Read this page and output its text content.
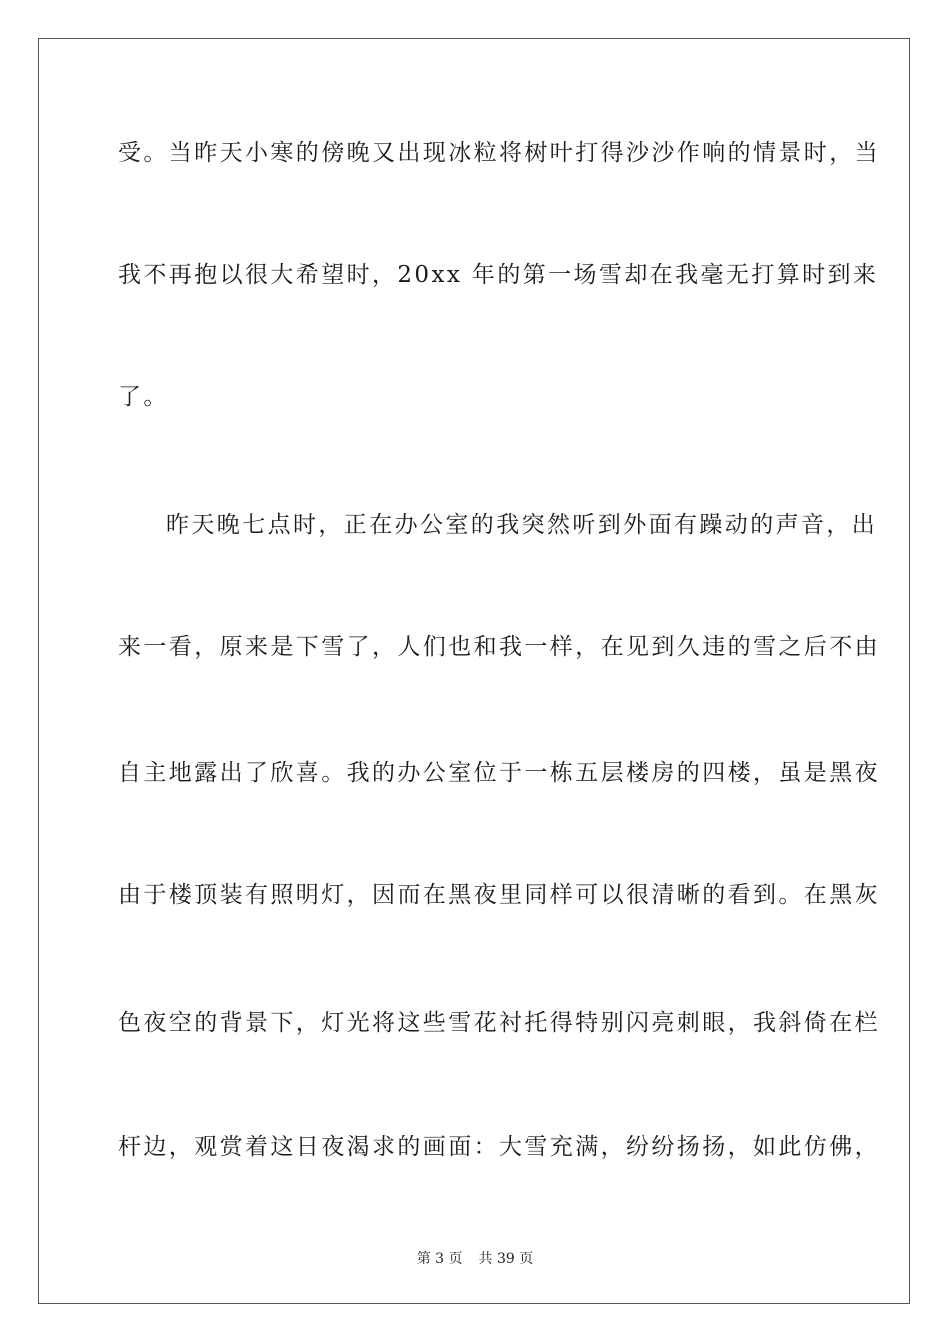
受。当昨天小寒的傍晚又出现冰粒将树叶打得沙沙作响的情景时，当
我不再抱以很大希望时，20xx 年的第一场雪却在我毫无打算时到来
了。
昨天晚七点时，正在办公室的我突然听到外面有躁动的声音，出
来一看，原来是下雪了，人们也和我一样，在见到久违的雪之后不由
自主地露出了欣喜。我的办公室位于一栋五层楼房的四楼，虽是黑夜
由于楼顶装有照明灯，因而在黑夜里同样可以很清晰的看到。在黑灰
色夜空的背景下，灯光将这些雪花衬托得特别闪亮刺眼，我斜倚在栏
杆边，观赏着这日夜渴求的画面：大雪充满，纷纷扬扬，如此仿佛，
第 3 页 共 39 页
